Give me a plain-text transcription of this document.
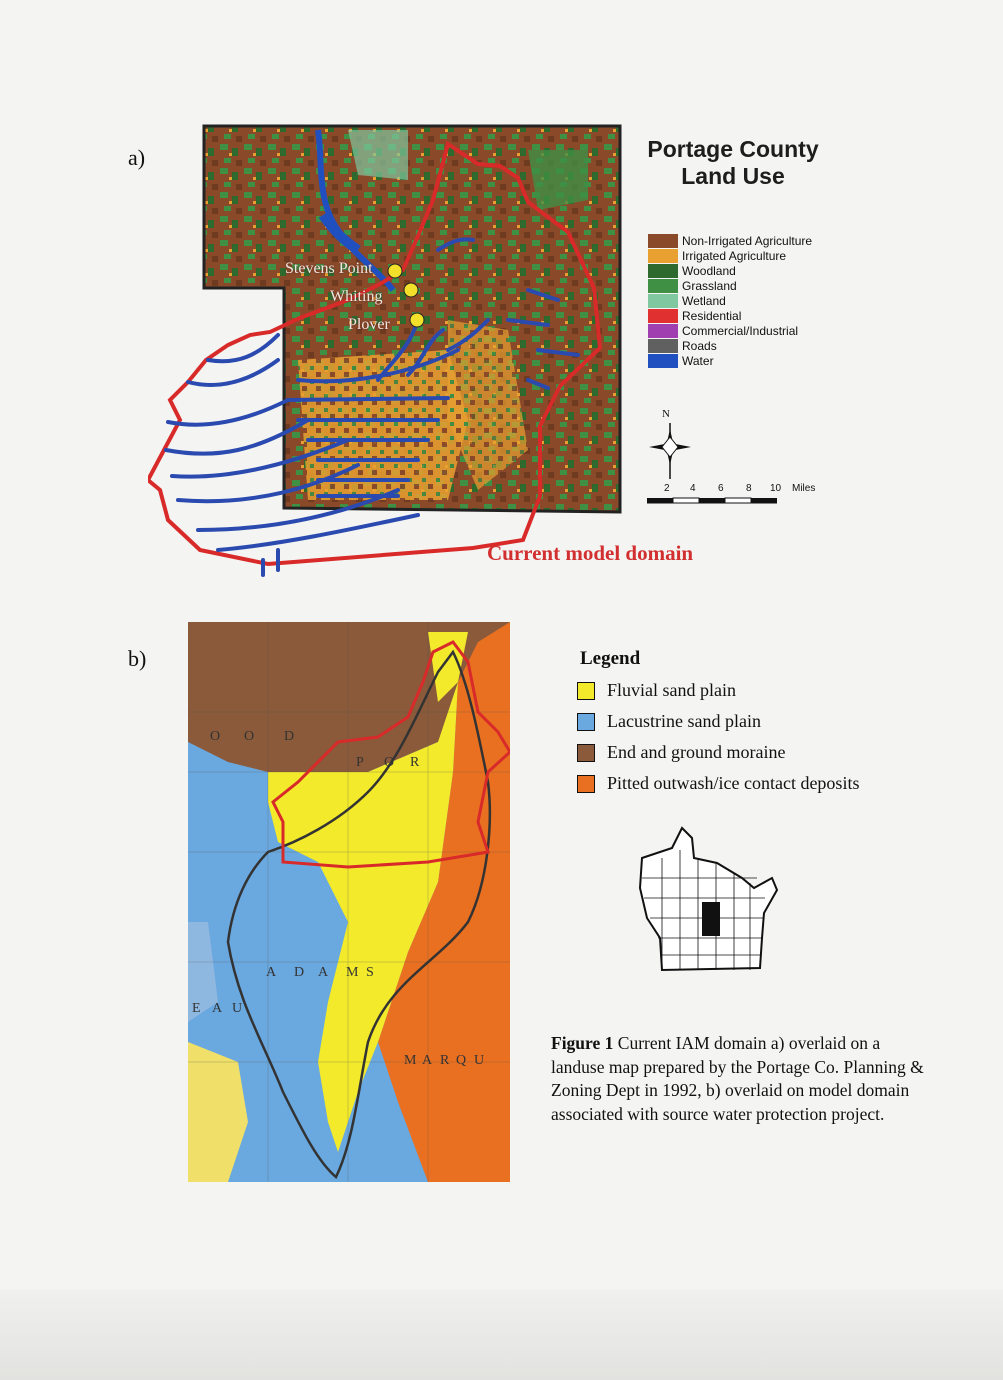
a)
Stevens Point
Whiting
Plover
Portage County
Land Use
Non-Irrigated Agriculture
Irrigated Agriculture
Woodland
Grassland
Wetland
Residential
Commercial/Industrial
Roads
Water
N
2 4 6 8 10 Miles
Current model domain
b)
O O D
P O R
A D A M S
E A U
M A R Q U
Legend
Fluvial sand plain
Lacustrine sand plain
End and ground moraine
Pitted outwash/ice contact deposits
Figure 1 Current IAM domain a) overlaid on a landuse map prepared by the Portage Co. Planning & Zoning Dept in 1992, b) overlaid on model domain associated with source water protection project.
